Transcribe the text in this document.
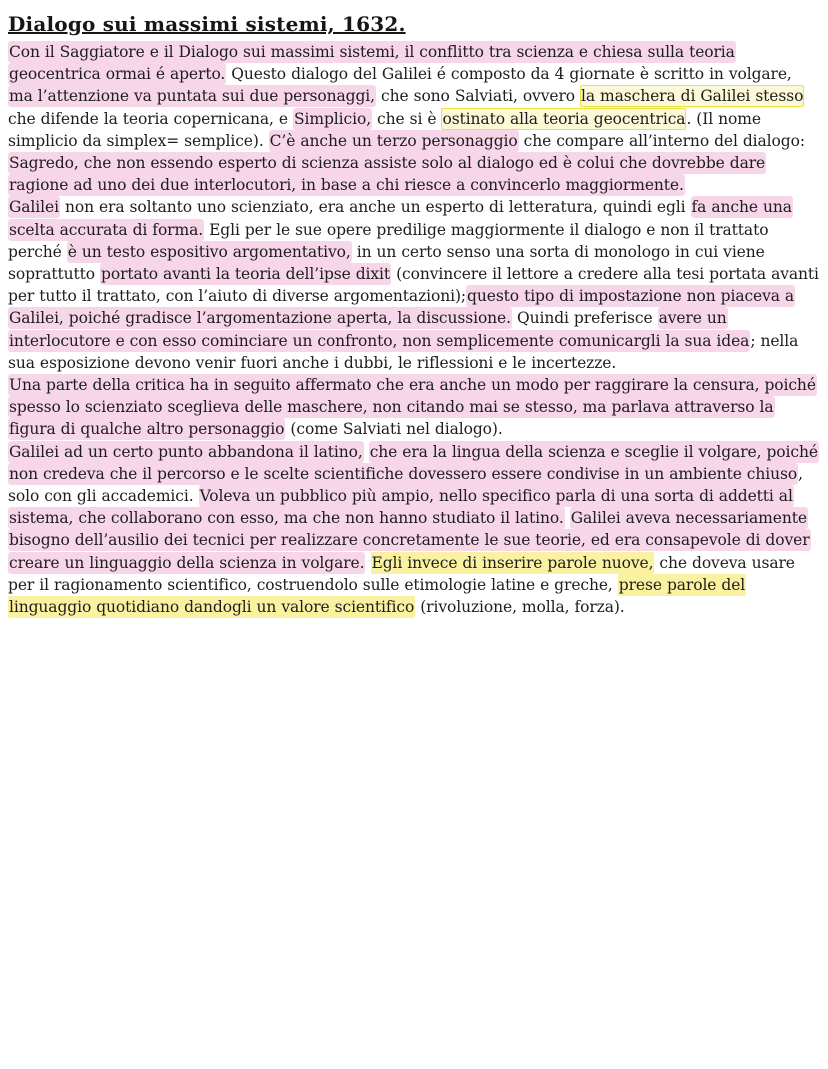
Dialogo sui massimi sistemi, 1632.

Con il Saggiatore e il Dialogo sui massimi sistemi, il conflitto tra scienza e chiesa sulla teoria geocentrica ormai é aperto. Questo dialogo del Galilei é composto da 4 giornate è scritto in volgare, ma l’attenzione va puntata sui due personaggi, che sono Salviati, ovvero la maschera di Galilei stesso che difende la teoria copernicana, e Simplicio, che si è ostinato alla teoria geocentrica. (Il nome simplicio da simplex= semplice). C’è anche un terzo personaggio che compare all’interno del dialogo: Sagredo, che non essendo esperto di scienza assiste solo al dialogo ed è colui che dovrebbe dare ragione ad uno dei due interlocutori, in base a chi riesce a convincerlo maggiormente.

Galilei non era soltanto uno scienziato, era anche un esperto di letteratura, quindi egli fa anche una scelta accurata di forma. Egli per le sue opere predilige maggiormente il dialogo e non il trattato perché è un testo espositivo argomentativo, in un certo senso una sorta di monologo in cui viene soprattutto portato avanti la teoria dell’ipse dixit (convincere il lettore a credere alla tesi portata avanti per tutto il trattato, con l’aiuto di diverse argomentazioni);questo tipo di impostazione non piaceva a Galilei, poiché gradisce l’argomentazione aperta, la discussione. Quindi preferisce avere un interlocutore e con esso cominciare un confronto, non semplicemente comunicargli la sua idea; nella sua esposizione devono venir fuori anche i dubbi, le riflessioni e le incertezze.

Una parte della critica ha in seguito affermato che era anche un modo per raggirare la censura, poiché spesso lo scienziato sceglieva delle maschere, non citando mai se stesso, ma parlava attraverso la figura di qualche altro personaggio (come Salviati nel dialogo).

Galilei ad un certo punto abbandona il latino, che era la lingua della scienza e sceglie il volgare, poiché non credeva che il percorso e le scelte scientifiche dovessero essere condivise in un ambiente chiuso, solo con gli accademici. Voleva un pubblico più ampio, nello specifico parla di una sorta di addetti al sistema, che collaborano con esso, ma che non hanno studiato il latino. Galilei aveva necessariamente bisogno dell’ausilio dei tecnici per realizzare concretamente le sue teorie, ed era consapevole di dover creare un linguaggio della scienza in volgare. Egli invece di inserire parole nuove, che doveva usare per il ragionamento scientifico, costruendolo sulle etimologie latine e greche, prese parole del linguaggio quotidiano dandogli un valore scientifico (rivoluzione, molla, forza).
